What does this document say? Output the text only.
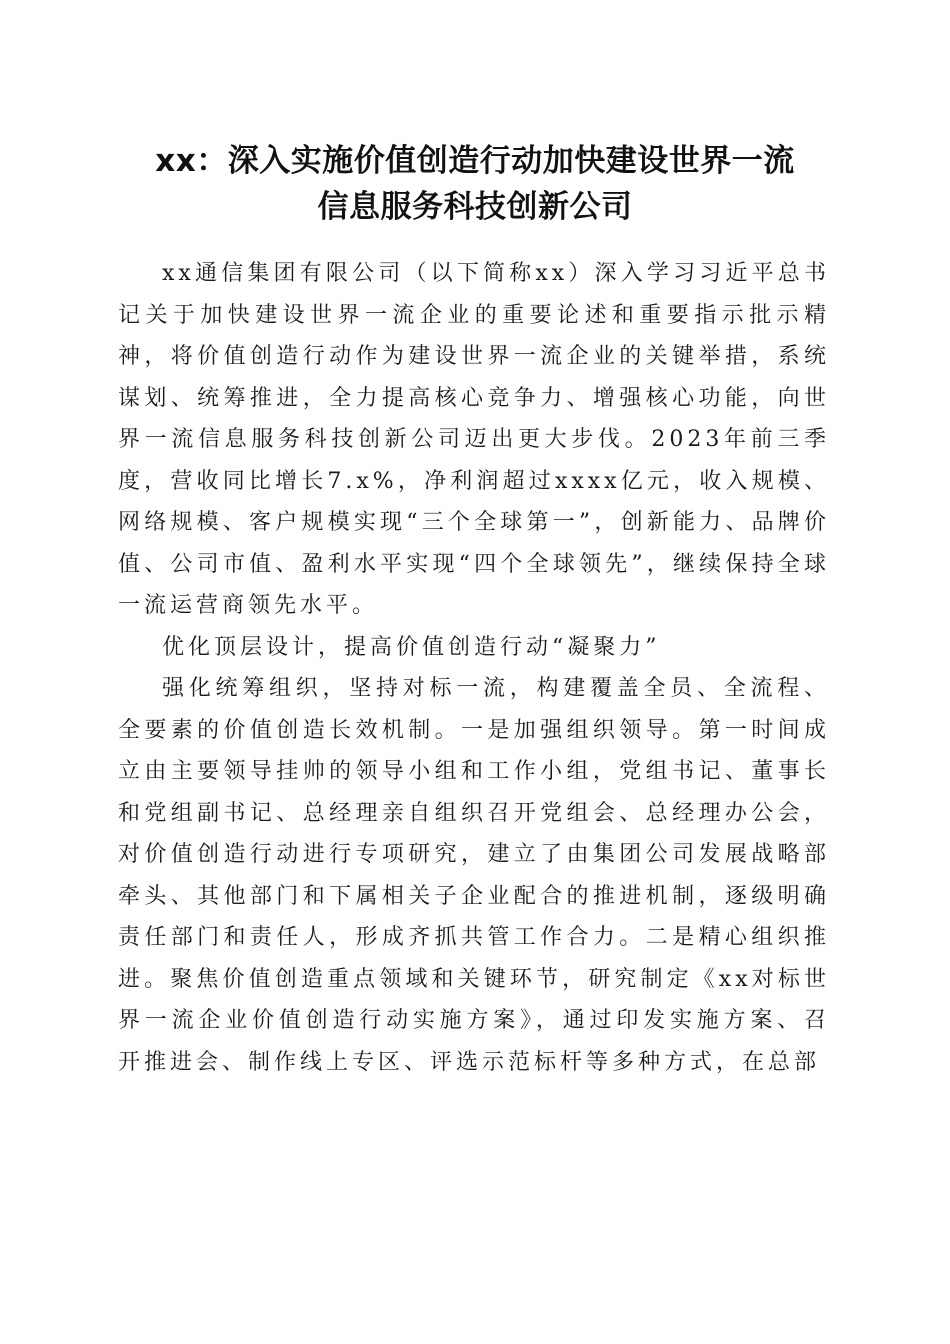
xx：深入实施价值创造行动加快建设世界一流
信息服务科技创新公司

xx通信集团有限公司（以下简称xx）深入学习习近平总书记关于加快建设世界一流企业的重要论述和重要指示批示精神，将价值创造行动作为建设世界一流企业的关键举措，系统谋划、统筹推进，全力提高核心竞争力、增强核心功能，向世界一流信息服务科技创新公司迈出更大步伐。2023年前三季度，营收同比增长7.x%，净利润超过xxxx亿元，收入规模、网络规模、客户规模实现“三个全球第一”，创新能力、品牌价值、公司市值、盈利水平实现“四个全球领先”，继续保持全球一流运营商领先水平。

优化顶层设计，提高价值创造行动“凝聚力”

强化统筹组织，坚持对标一流，构建覆盖全员、全流程、全要素的价值创造长效机制。一是加强组织领导。第一时间成立由主要领导挂帅的领导小组和工作小组，党组书记、董事长和党组副书记、总经理亲自组织召开党组会、总经理办公会，对价值创造行动进行专项研究，建立了由集团公司发展战略部牵头、其他部门和下属相关子企业配合的推进机制，逐级明确责任部门和责任人，形成齐抓共管工作合力。二是精心组织推进。聚焦价值创造重点领域和关键环节，研究制定《xx对标世界一流企业价值创造行动实施方案》，通过印发实施方案、召开推进会、制作线上专区、评选示范标杆等多种方式，在总部
